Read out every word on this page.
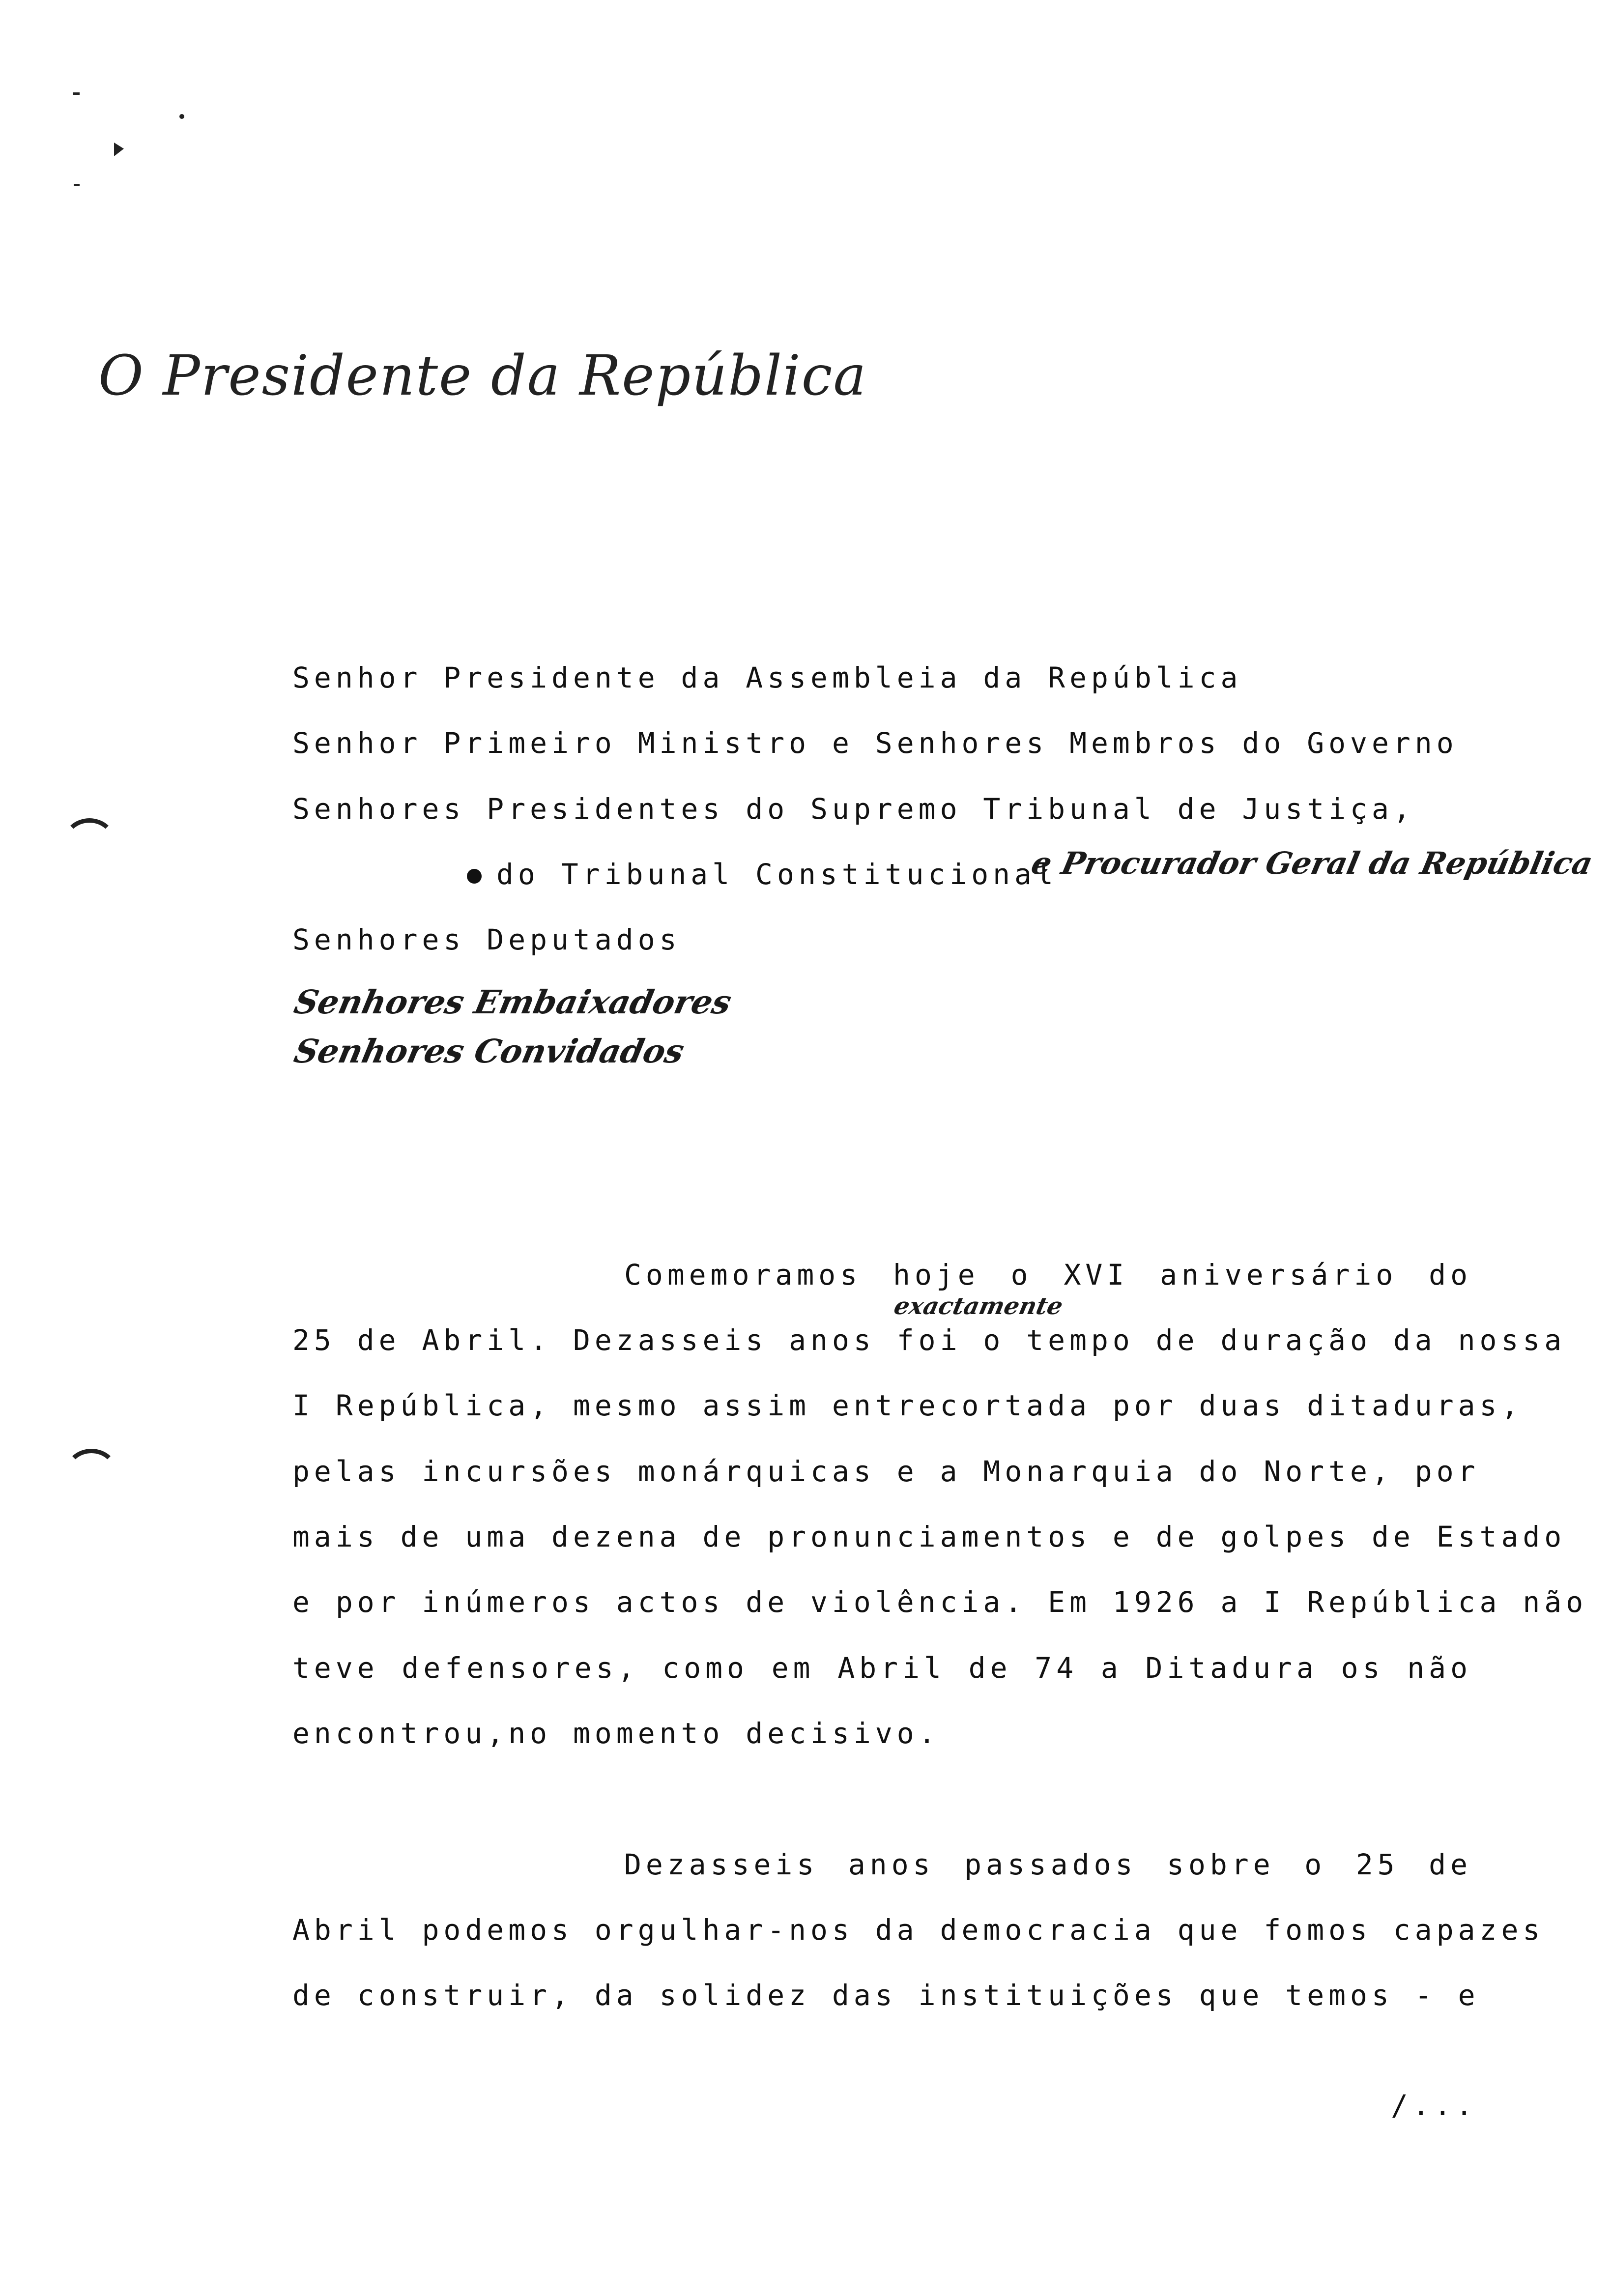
O Presidente da República
Senhor Presidente da Assembleia da República
Senhor Primeiro Ministro e Senhores Membros do Governo
Senhores Presidentes do Supremo Tribunal de Justiça,
do Tribunal Constitucional
e Procurador Geral da República
Senhores Deputados
Senhores Embaixadores
Senhores Convidados
Comemoramos hoje o XVI aniversário do
exactamente
25 de Abril. Dezasseis anos foi o tempo de duração da nossa
I República, mesmo assim entrecortada por duas ditaduras,
pelas incursões monárquicas e a Monarquia do Norte, por
mais de uma dezena de pronunciamentos e de golpes de Estado
e por inúmeros actos de violência. Em 1926 a I República não
teve defensores, como em Abril de 74 a Ditadura os não
encontrou,no momento decisivo.
Dezasseis anos passados sobre o 25 de
Abril podemos orgulhar-nos da democracia que fomos capazes
de construir, da solidez das instituições que temos - e
/...
